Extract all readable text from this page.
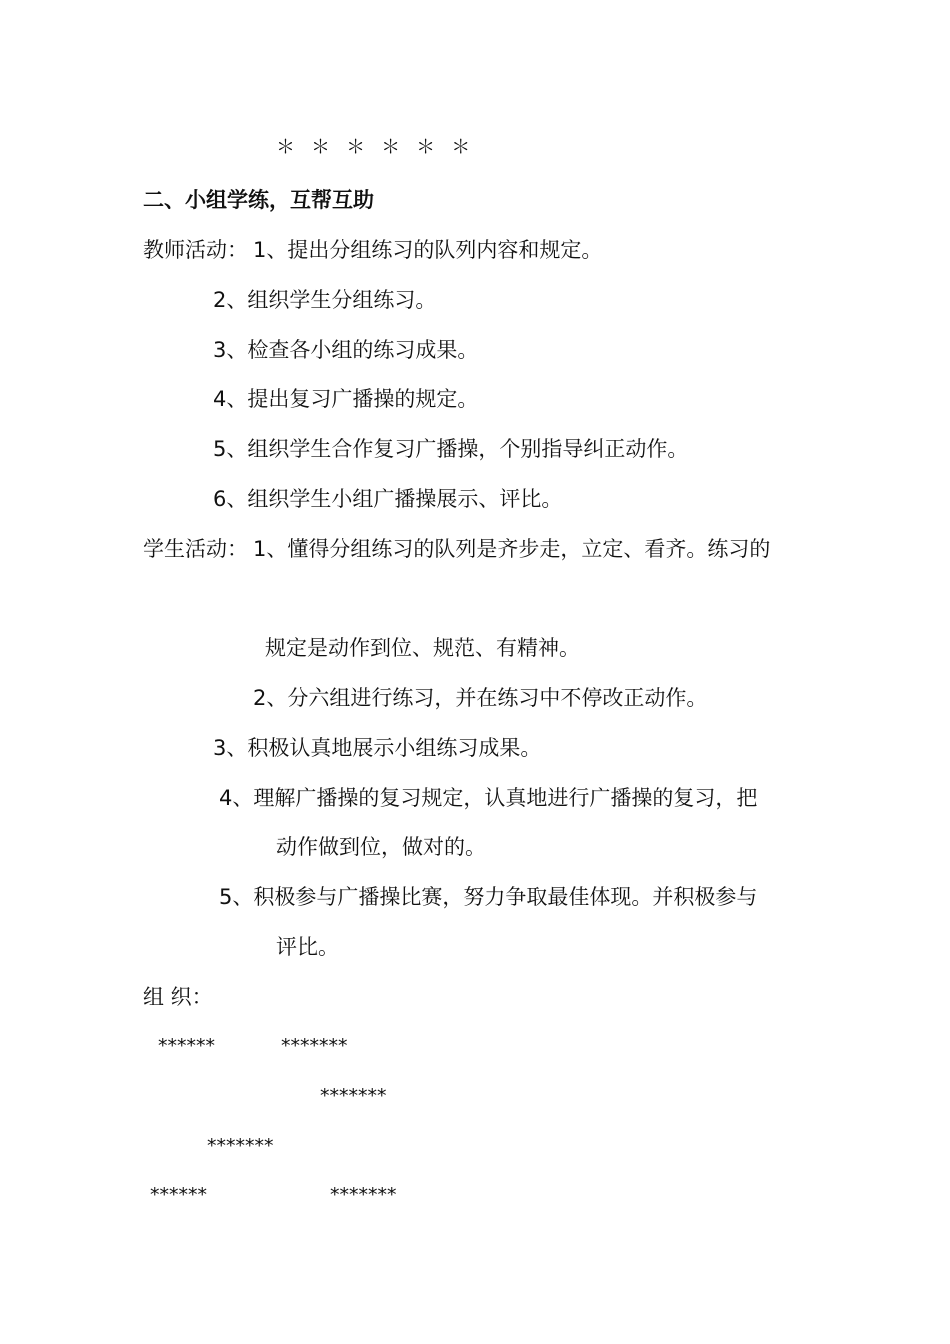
＊ ＊ ＊ ＊ ＊ ＊
二、小组学练，互帮互助
教师活动： 1、提出分组练习的队列内容和规定。
2、组织学生分组练习。
3、检查各小组的练习成果。
4、提出复习广播操的规定。
5、组织学生合作复习广播操，个别指导纠正动作。
6、组织学生小组广播操展示、评比。
学生活动： 1、懂得分组练习的队列是齐步走，立定、看齐。练习的
规定是动作到位、规范、有精神。
2、分六组进行练习，并在练习中不停改正动作。
3、积极认真地展示小组练习成果。
4、理解广播操的复习规定，认真地进行广播操的复习，把
动作做到位，做对的。
5、积极参与广播操比赛，努力争取最佳体现。并积极参与
评比。
组 织：
******	*******
*******
*******
******	*******
